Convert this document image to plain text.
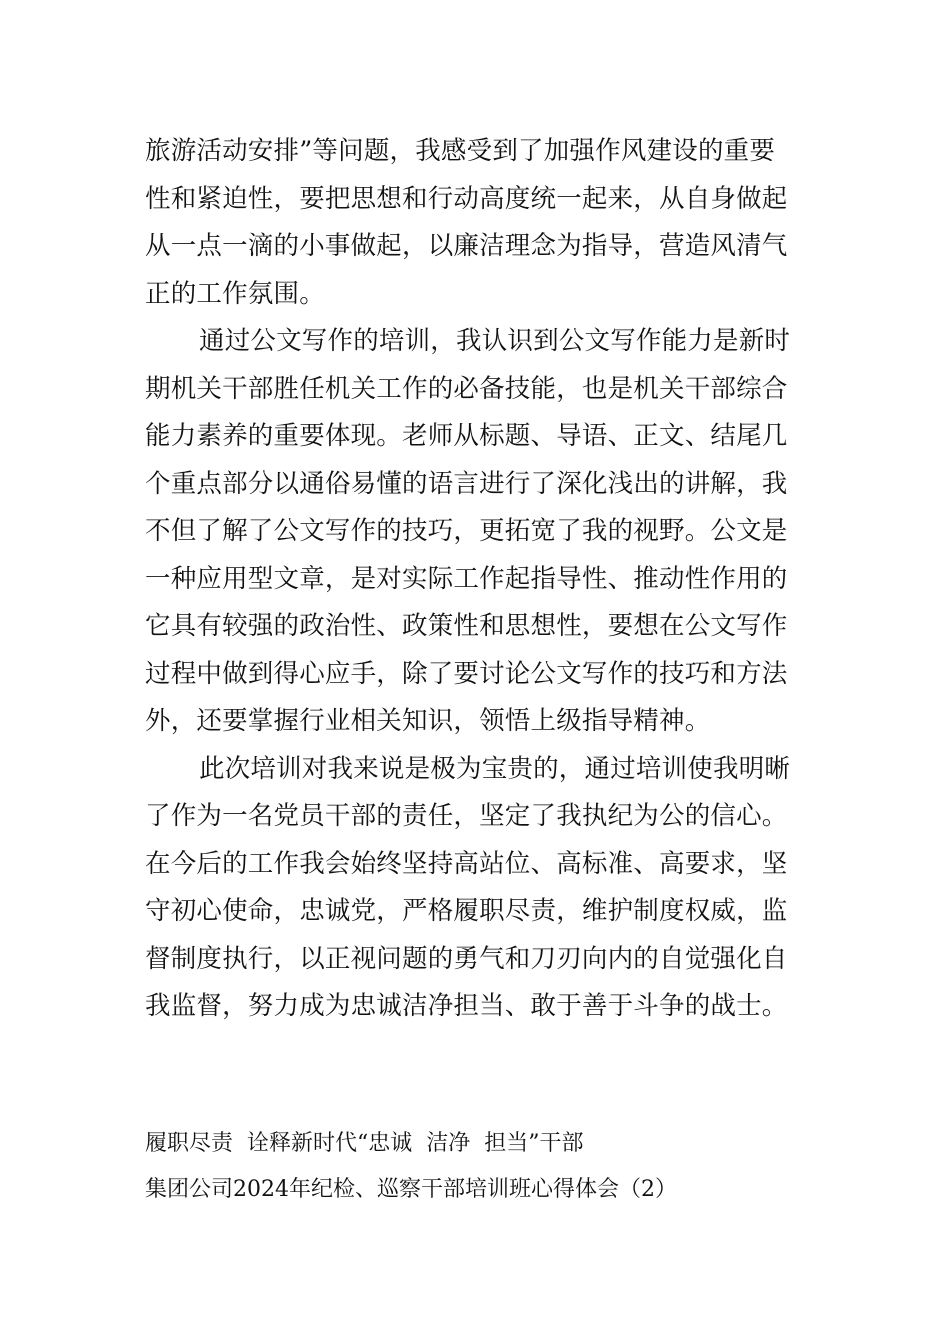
旅游活动安排”等问题，我感受到了加强作风建设的重要
性和紧迫性，要把思想和行动高度统一起来，从自身做起
从一点一滴的小事做起，以廉洁理念为指导，营造风清气
正的工作氛围。
通过公文写作的培训，我认识到公文写作能力是新时
期机关干部胜任机关工作的必备技能，也是机关干部综合
能力素养的重要体现。老师从标题、导语、正文、结尾几
个重点部分以通俗易懂的语言进行了深化浅出的讲解，我
不但了解了公文写作的技巧，更拓宽了我的视野。公文是
一种应用型文章，是对实际工作起指导性、推动性作用的
它具有较强的政治性、政策性和思想性，要想在公文写作
过程中做到得心应手，除了要讨论公文写作的技巧和方法
外，还要掌握行业相关知识，领悟上级指导精神。
此次培训对我来说是极为宝贵的，通过培训使我明晰
了作为一名党员干部的责任，坚定了我执纪为公的信心。
在今后的工作我会始终坚持高站位、高标准、高要求，坚
守初心使命，忠诚党，严格履职尽责，维护制度权威，监
督制度执行，以正视问题的勇气和刀刃向内的自觉强化自
我监督，努力成为忠诚洁净担当、敢于善于斗争的战士。
履职尽责  诠释新时代“忠诚  洁净  担当”干部
集团公司2024年纪检、巡察干部培训班心得体会（2）
